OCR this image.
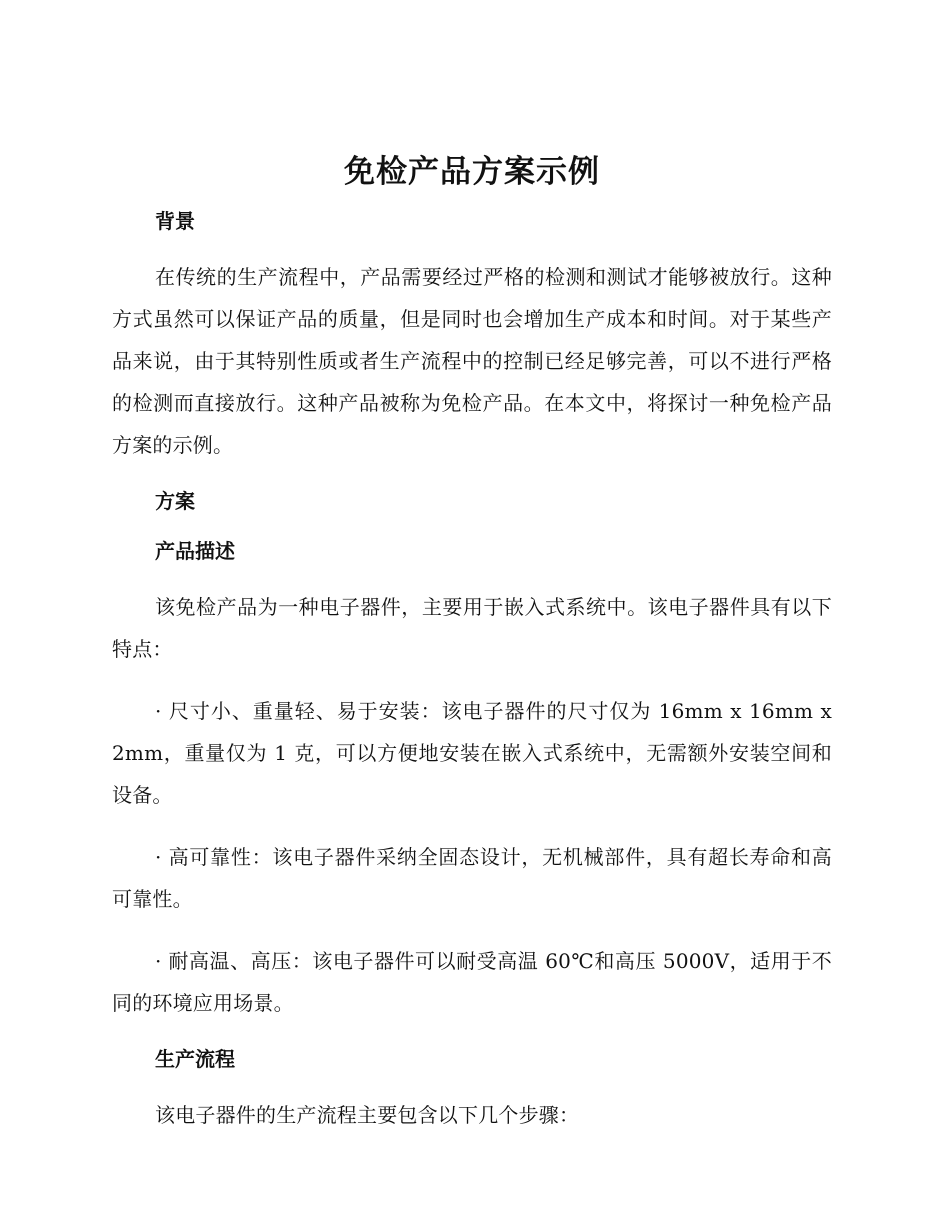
免检产品方案示例
背景

在传统的生产流程中，产品需要经过严格的检测和测试才能够被放行。这种方式虽然可以保证产品的质量，但是同时也会增加生产成本和时间。对于某些产品来说，由于其特别性质或者生产流程中的控制已经足够完善，可以不进行严格的检测而直接放行。这种产品被称为免检产品。在本文中，将探讨一种免检产品方案的示例。

方案
产品描述

该免检产品为一种电子器件，主要用于嵌入式系统中。该电子器件具有以下特点：

· 尺寸小、重量轻、易于安装：该电子器件的尺寸仅为 16mm x 16mm x 2mm，重量仅为 1 克，可以方便地安装在嵌入式系统中，无需额外安装空间和设备。

· 高可靠性：该电子器件采纳全固态设计，无机械部件，具有超长寿命和高可靠性。

· 耐高温、高压：该电子器件可以耐受高温 60℃和高压 5000V，适用于不同的环境应用场景。

生产流程

该电子器件的生产流程主要包含以下几个步骤：
